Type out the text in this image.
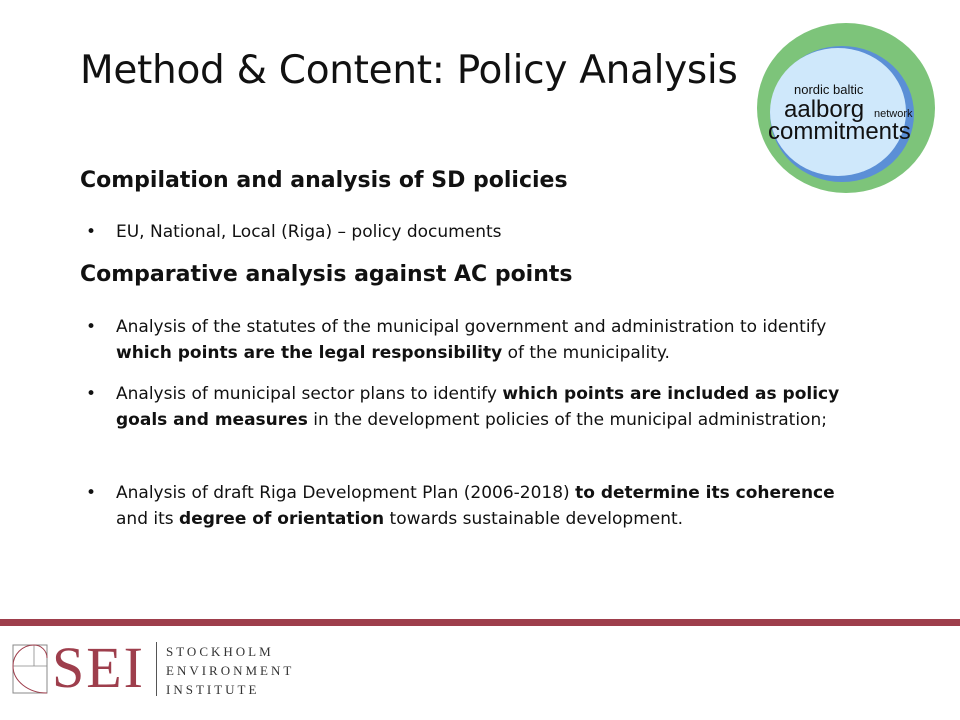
Method & Content: Policy Analysis	nordic baltic
aalborg network
commitments
Compilation and analysis of SD policies
• EU, National, Local (Riga) – policy documents
Comparative analysis against AC points
• Analysis of the statutes of the municipal government and administration to identify which points are the legal responsibility of the municipality.
• Analysis of municipal sector plans to identify which points are included as policy goals and measures in the development policies of the municipal administration;
• Analysis of draft Riga Development Plan (2006-2018) to determine its coherence and its degree of orientation towards sustainable development.
SEI STOCKHOLM
ENVIRONMENT
INSTITUTE
